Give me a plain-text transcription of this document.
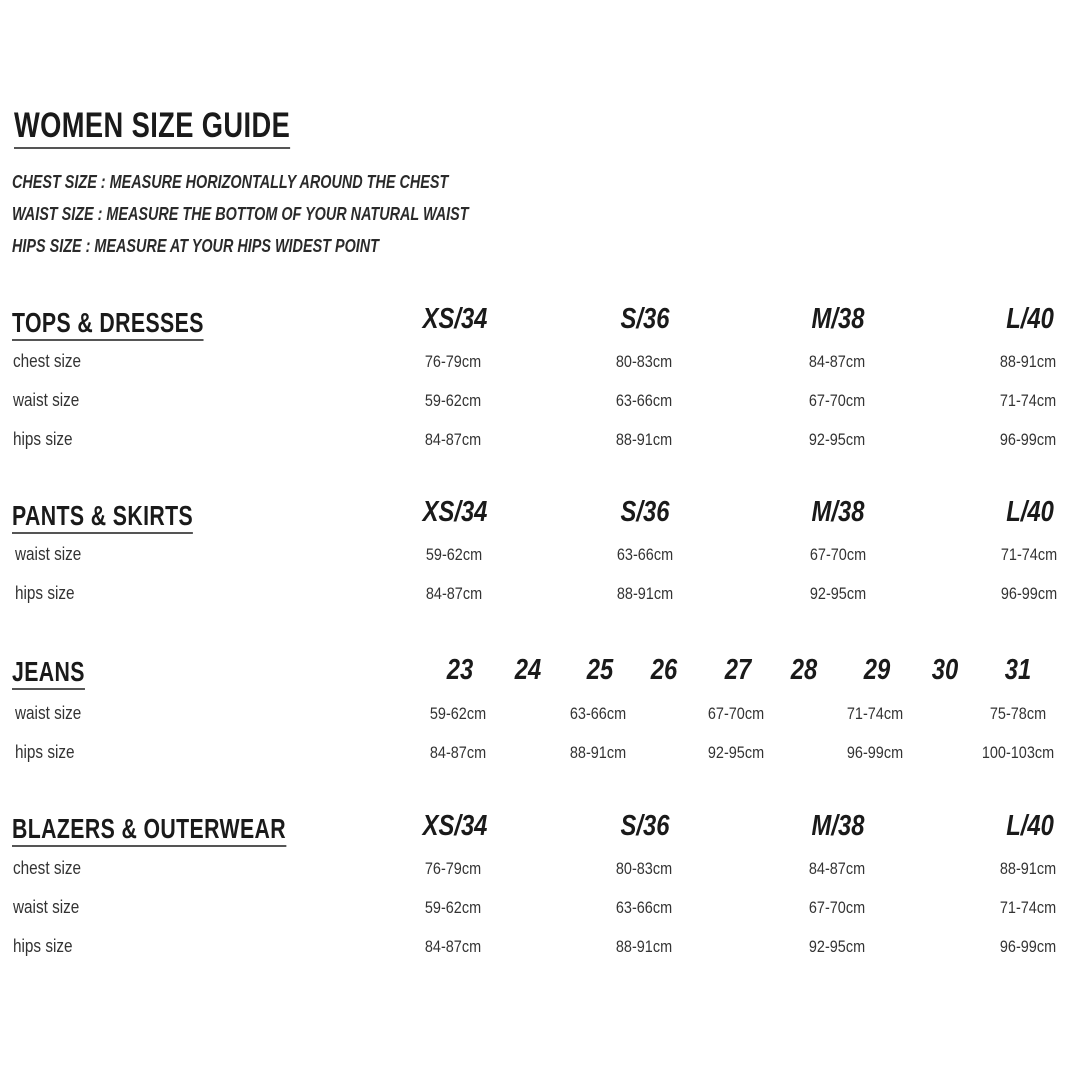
WOMEN SIZE GUIDE

CHEST SIZE : MEASURE HORIZONTALLY AROUND THE CHEST

WAIST SIZE : MEASURE THE BOTTOM OF YOUR NATURAL WAIST

HIPS SIZE : MEASURE AT YOUR HIPS WIDEST POINT

TOPS & DRESSES	XS/34	S/36	M/38	L/40
chest size	76-79cm	80-83cm	84-87cm	88-91cm
waist size	59-62cm	63-66cm	67-70cm	71-74cm
hips size	84-87cm	88-91cm	92-95cm	96-99cm
PANTS & SKIRTS	XS/34	S/36	M/38	L/40
waist size	59-62cm	63-66cm	67-70cm	71-74cm
hips size	84-87cm	88-91cm	92-95cm	96-99cm
JEANS	23 24 25 26 27 28 29 30 31
waist size	59-62cm	63-66cm	67-70cm	71-74cm	75-78cm
hips size	84-87cm	88-91cm	92-95cm	96-99cm	100-103cm
BLAZERS & OUTERWEAR	XS/34	S/36	M/38	L/40
chest size	76-79cm	80-83cm	84-87cm	88-91cm
waist size	59-62cm	63-66cm	67-70cm	71-74cm
hips size	84-87cm	88-91cm	92-95cm	96-99cm
